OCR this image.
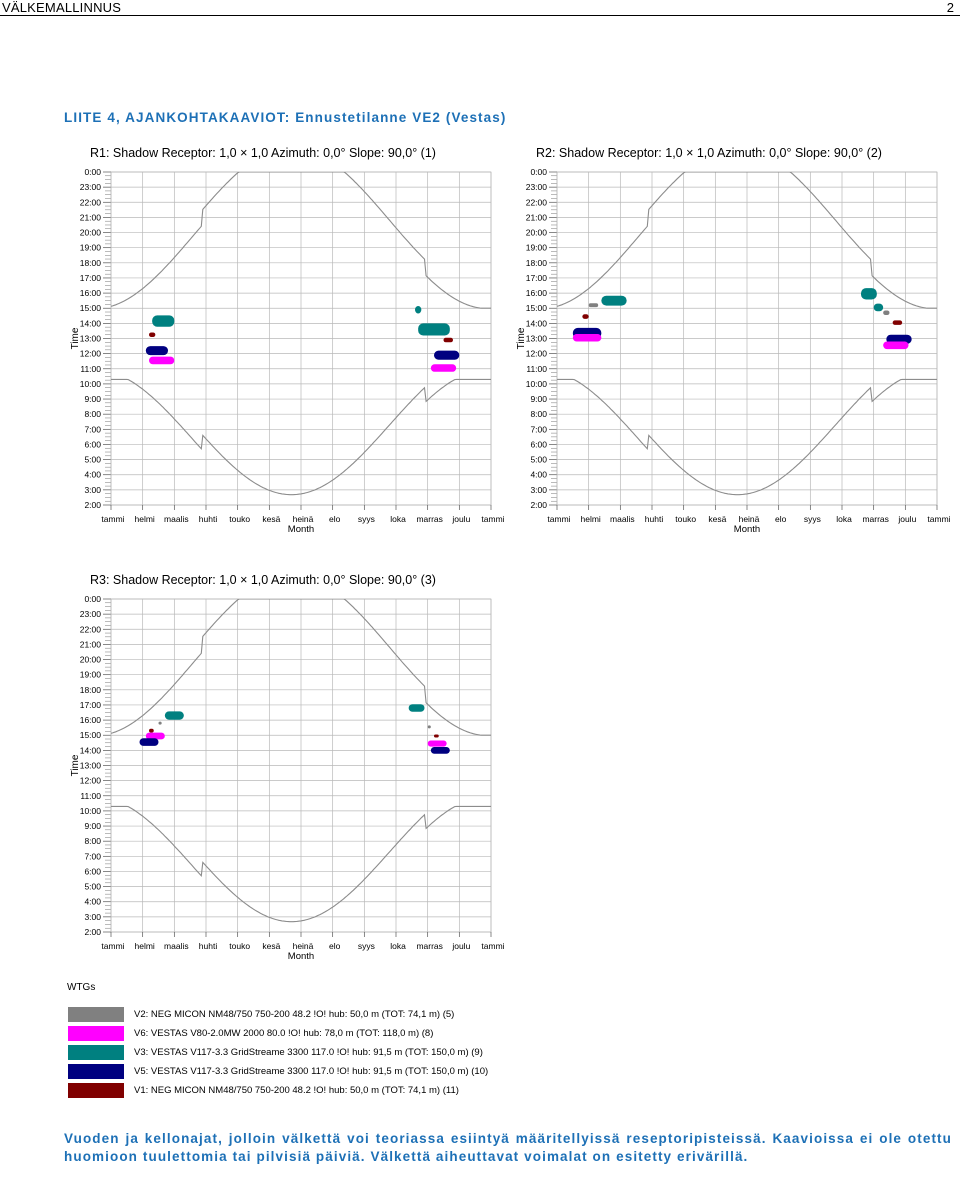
VÄLKEMALLINNUS	2
LIITE 4, AJANKOHTAKAAVIOT: Ennustetilanne VE2 (Vestas)
R1: Shadow Receptor: 1,0 × 1,0 Azimuth: 0,0° Slope: 90,0° (1)
0:00
23:00
22:00
21:00
20:00
19:00
18:00
17:00
16:00
15:00
14:00
13:00
12:00
11:00
10:00
9:00
8:00
7:00
6:00
5:00
4:00
3:00
2:00
tammi helmi maalis huhti touko kesä heinä elo syys loka marras joulu tammi
Month
Time
R2: Shadow Receptor: 1,0 × 1,0 Azimuth: 0,0° Slope: 90,0° (2)
0:00
23:00
22:00
21:00
20:00
19:00
18:00
17:00
16:00
15:00
14:00
13:00
12:00
11:00
10:00
9:00
8:00
7:00
6:00
5:00
4:00
3:00
2:00
tammi helmi maalis huhti touko kesä heinä elo syys loka marras joulu tammi
Month
Time
R3: Shadow Receptor: 1,0 × 1,0 Azimuth: 0,0° Slope: 90,0° (3)
0:00
23:00
22:00
21:00
20:00
19:00
18:00
17:00
16:00
15:00
14:00
13:00
12:00
11:00
10:00
9:00
8:00
7:00
6:00
5:00
4:00
3:00
2:00
tammi helmi maalis huhti touko kesä heinä elo syys loka marras joulu tammi
Month
Time
WTGs
V2: NEG MICON NM48/750 750-200 48.2 !O! hub: 50,0 m (TOT: 74,1 m) (5)
V6: VESTAS V80-2.0MW 2000 80.0 !O! hub: 78,0 m (TOT: 118,0 m) (8)
V3: VESTAS V117-3.3 GridStreame 3300 117.0 !O! hub: 91,5 m (TOT: 150,0 m) (9)
V5: VESTAS V117-3.3 GridStreame 3300 117.0 !O! hub: 91,5 m (TOT: 150,0 m) (10)
V1: NEG MICON NM48/750 750-200 48.2 !O! hub: 50,0 m (TOT: 74,1 m) (11)
Vuoden ja kellonajat, jolloin välkettä voi teoriassa esiintyä määritellyissä reseptoripisteissä. Kaavioissa ei ole otettu huomioon tuulettomia tai pilvisiä päiviä. Välkettä aiheuttavat voimalat on esitetty erivärillä.
